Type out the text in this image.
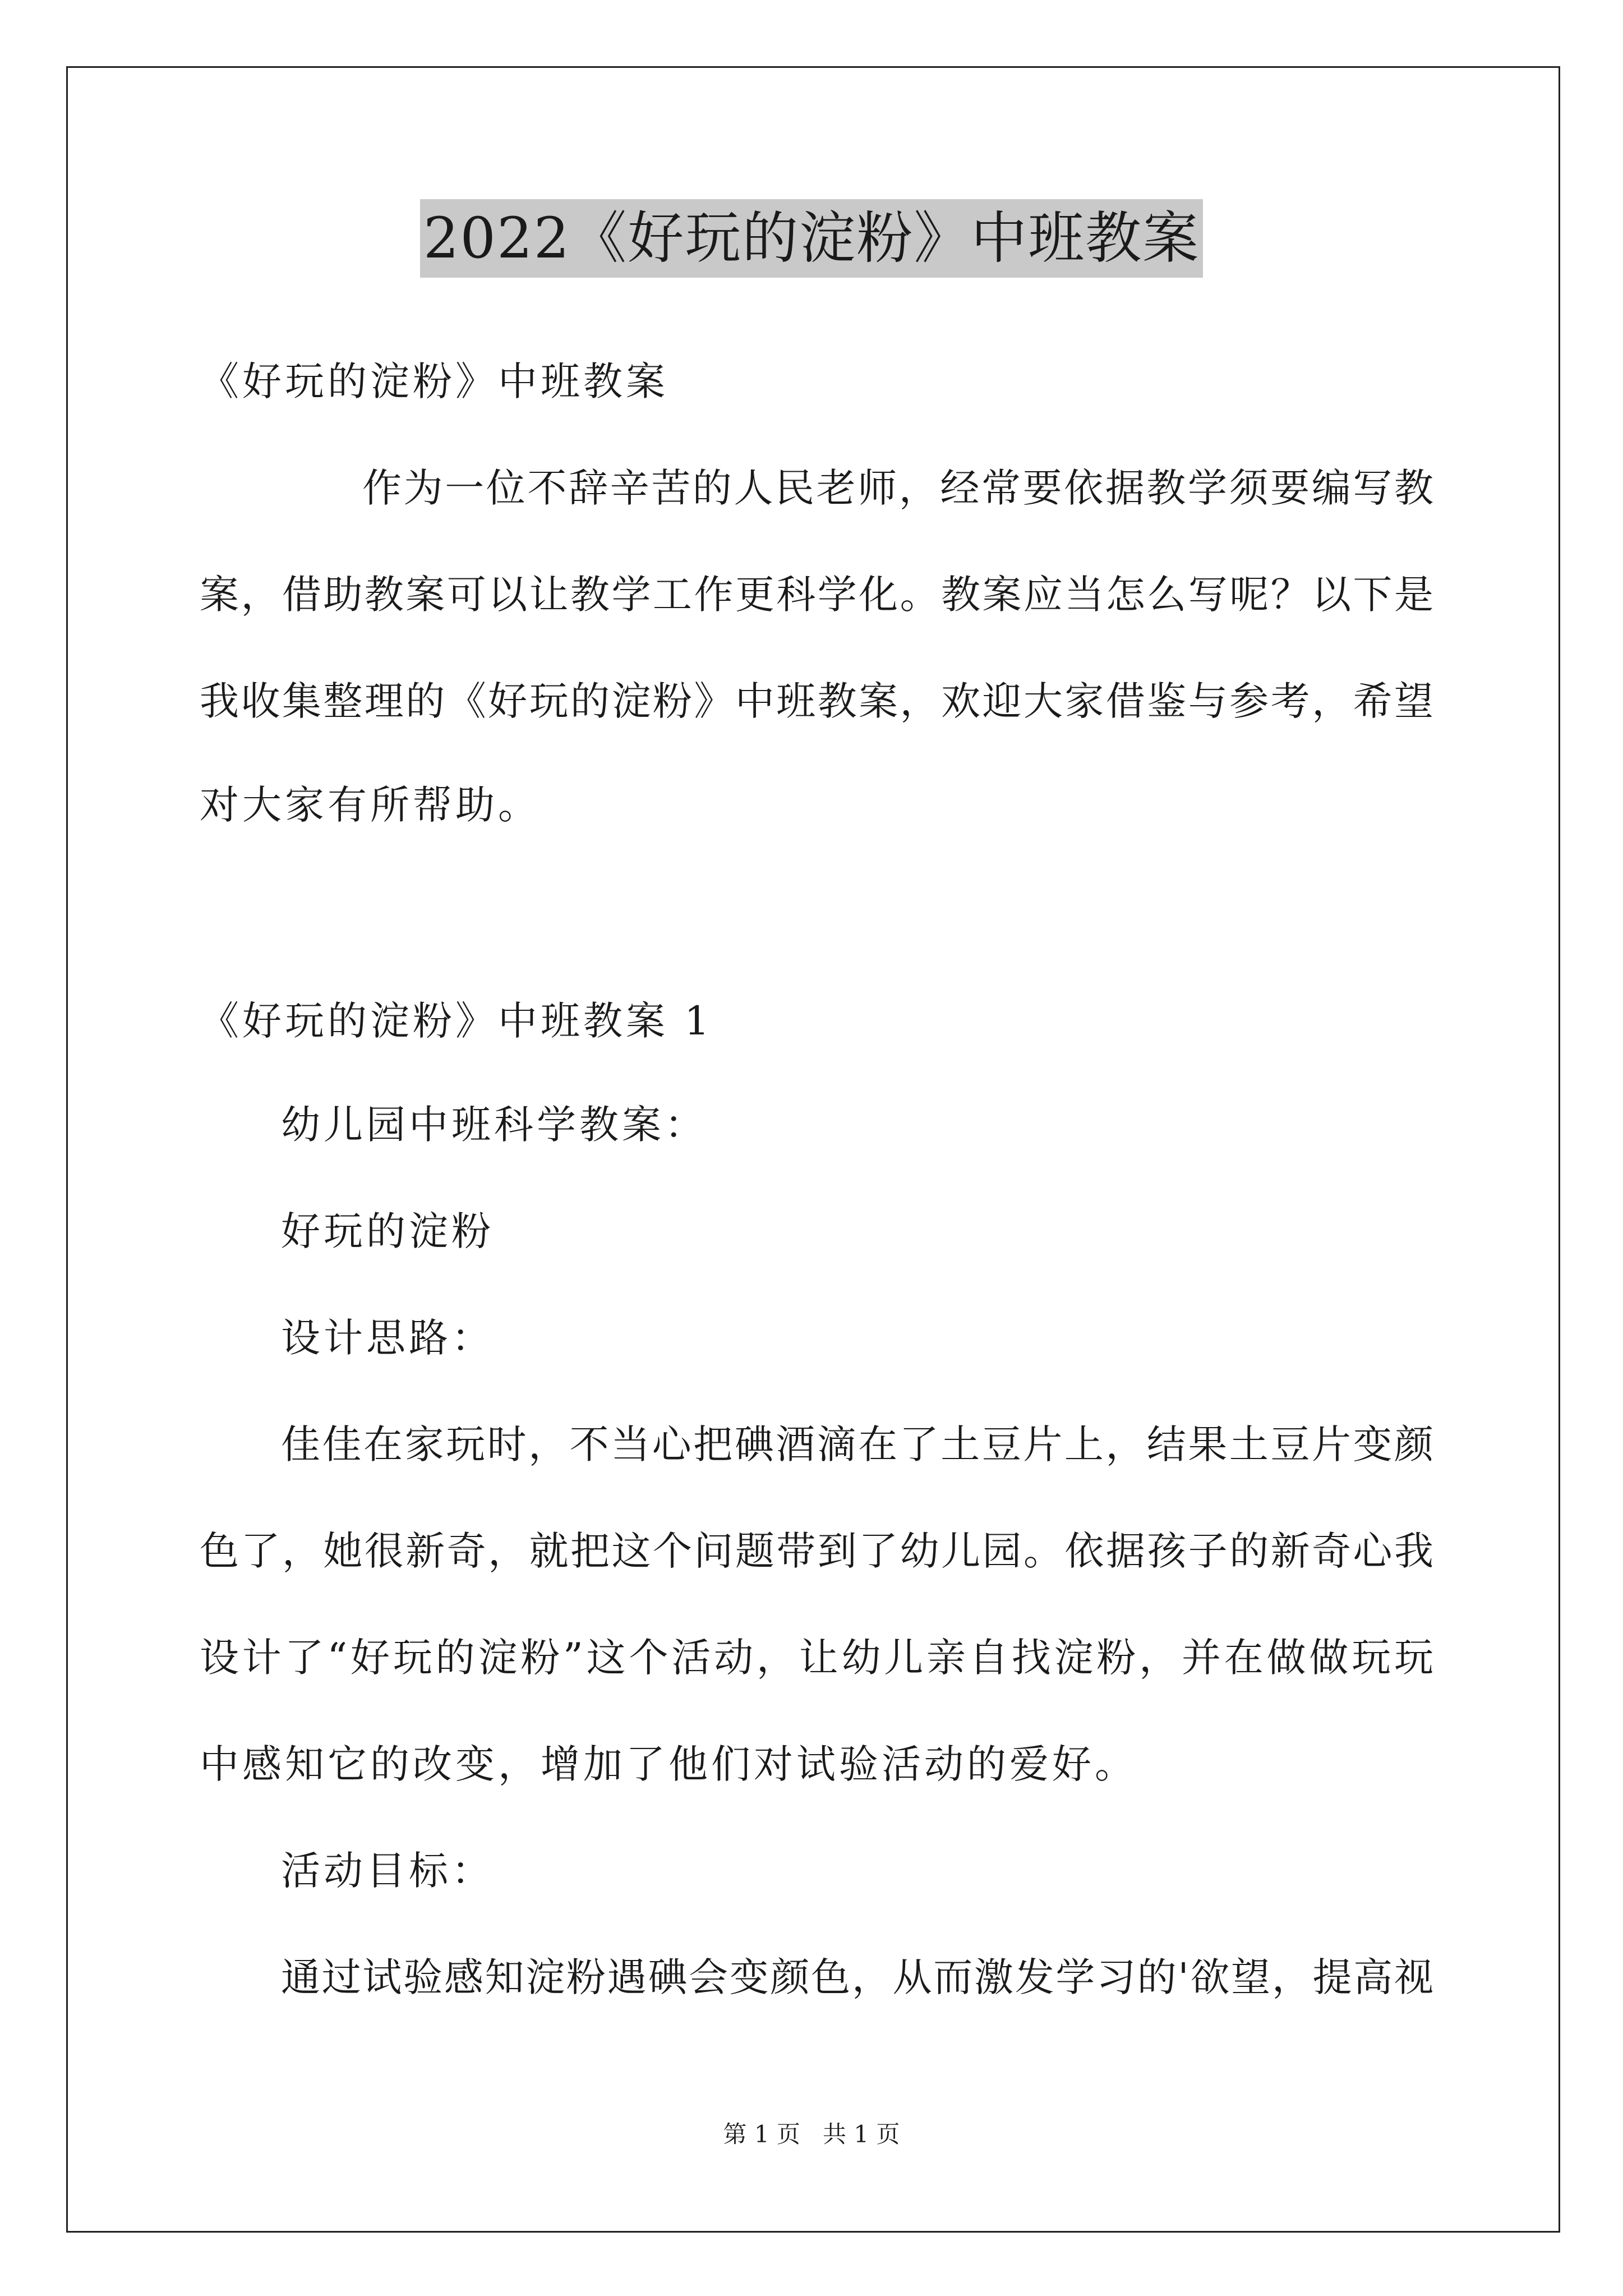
2022《好玩的淀粉》中班教案
《好玩的淀粉》中班教案
作为一位不辞辛苦的人民老师，经常要依据教学须要编写教
案，借助教案可以让教学工作更科学化。教案应当怎么写呢？以下是
我收集整理的《好玩的淀粉》中班教案，欢迎大家借鉴与参考，希望
对大家有所帮助。
《好玩的淀粉》中班教案 1
幼儿园中班科学教案：
好玩的淀粉
设计思路：
佳佳在家玩时，不当心把碘酒滴在了土豆片上，结果土豆片变颜
色了，她很新奇，就把这个问题带到了幼儿园。依据孩子的新奇心我
设计了“好玩的淀粉”这个活动，让幼儿亲自找淀粉，并在做做玩玩
中感知它的改变，增加了他们对试验活动的爱好。
活动目标：
通过试验感知淀粉遇碘会变颜色，从而激发学习的'欲望，提高视
第 1 页   共 1 页
